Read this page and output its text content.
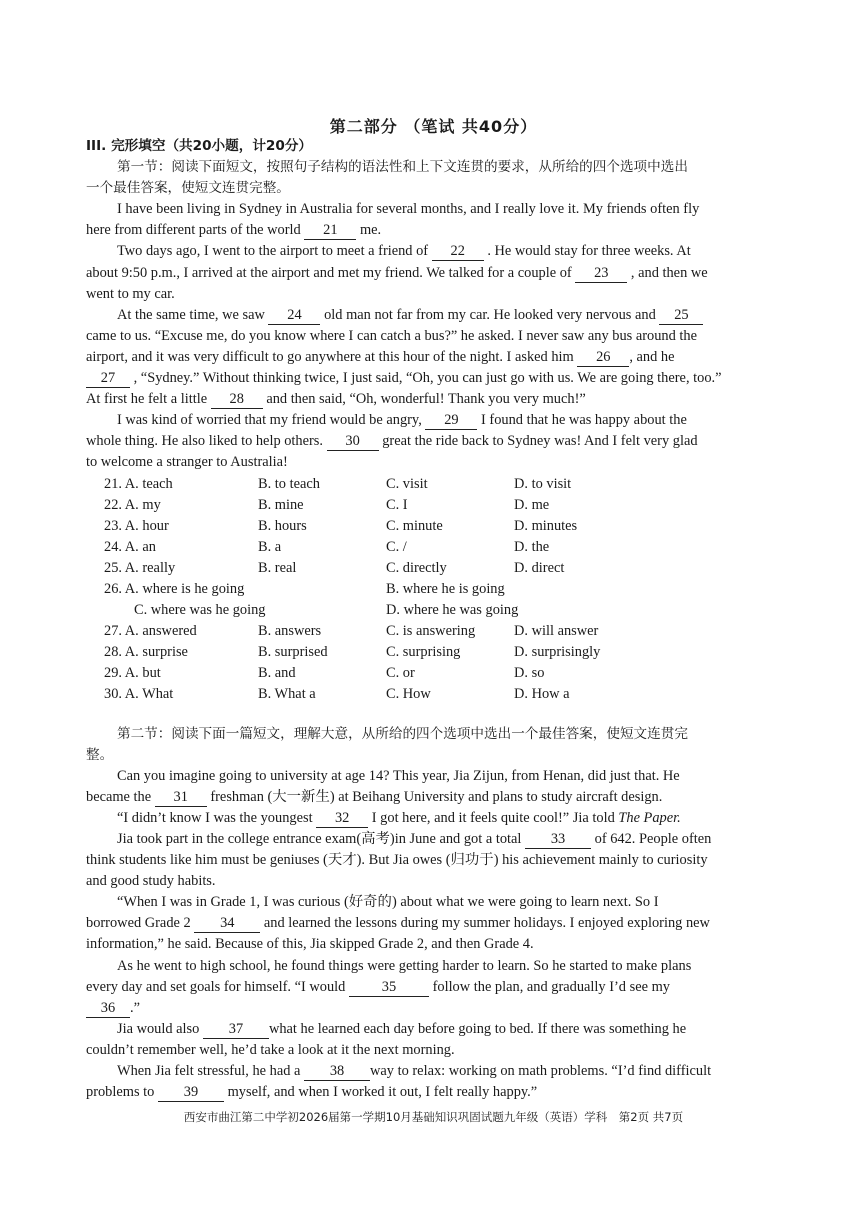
第二部分 （笔试 共40分）
III. 完形填空（共20小题，计20分）
第一节：阅读下面短文，按照句子结构的语法性和上下文连贯的要求，从所给的四个选项中选出
一个最佳答案，使短文连贯完整。
I have been living in Sydney in Australia for several months, and I really love it. My friends often fly
here from different parts of the world 21 me.
Two days ago, I went to the airport to meet a friend of 22 . He would stay for three weeks. At
about 9:50 p.m., I arrived at the airport and met my friend. We talked for a couple of 23 , and then we
went to my car.
At the same time, we saw 24 old man not far from my car. He looked very nervous and 25
came to us. “Excuse me, do you know where I can catch a bus?” he asked. I never saw any bus around the
airport, and it was very difficult to go anywhere at this hour of the night. I asked him 26 , and he
27 , “Sydney.” Without thinking twice, I just said, “Oh, you can just go with us. We are going there, too.”
At first he felt a little 28 and then said, “Oh, wonderful! Thank you very much!”
I was kind of worried that my friend would be angry, 29 I found that he was happy about the
whole thing. He also liked to help others. 30 great the ride back to Sydney was! And I felt very glad
to welcome a stranger to Australia!
21. A. teach	B. to teach	C. visit	D. to visit
22. A. my	B. mine	C. I	D. me
23. A. hour	B. hours	C. minute	D. minutes
24. A. an	B. a	C. /	D. the
25. A. really	B. real	C. directly	D. direct
26. A. where is he going	B. where he is going
C. where was he going	D. where he was going
27. A. answered	B. answers	C. is answering	D. will answer
28. A. surprise	B. surprised	C. surprising	D. surprisingly
29. A. but	B. and	C. or	D. so
30. A. What	B. What a	C. How	D. How a
第二节：阅读下面一篇短文，理解大意，从所给的四个选项中选出一个最佳答案，使短文连贯完
整。
Can you imagine going to university at age 14? This year, Jia Zijun, from Henan, did just that. He
became the 31 freshman (大一新生) at Beihang University and plans to study aircraft design.
“I didn’t know I was the youngest 32 I got here, and it feels quite cool!” Jia told The Paper.
Jia took part in the college entrance exam(高考)in June and got a total 33 of 642. People often
think students like him must be geniuses (天才). But Jia owes (归功于) his achievement mainly to curiosity
and good study habits.
“When I was in Grade 1, I was curious (好奇的) about what we were going to learn next. So I
borrowed Grade 2 34 and learned the lessons during my summer holidays. I enjoyed exploring new
information,” he said. Because of this, Jia skipped Grade 2, and then Grade 4.
As he went to high school, he found things were getting harder to learn. So he started to make plans
every day and set goals for himself. “I would	35	follow the plan, and gradually I’d see my
36 .”
Jia would also 37 what he learned each day before going to bed. If there was something he
couldn’t remember well, he’d take a look at it the next morning.
When Jia felt stressful, he had a 38 way to relax: working on math problems. “I’d find difficult
problems to 39 myself, and when I worked it out, I felt really happy.”
西安市曲江第二中学初2026届第一学期10月基础知识巩固试题九年级（英语）学科　第2页 共7页
